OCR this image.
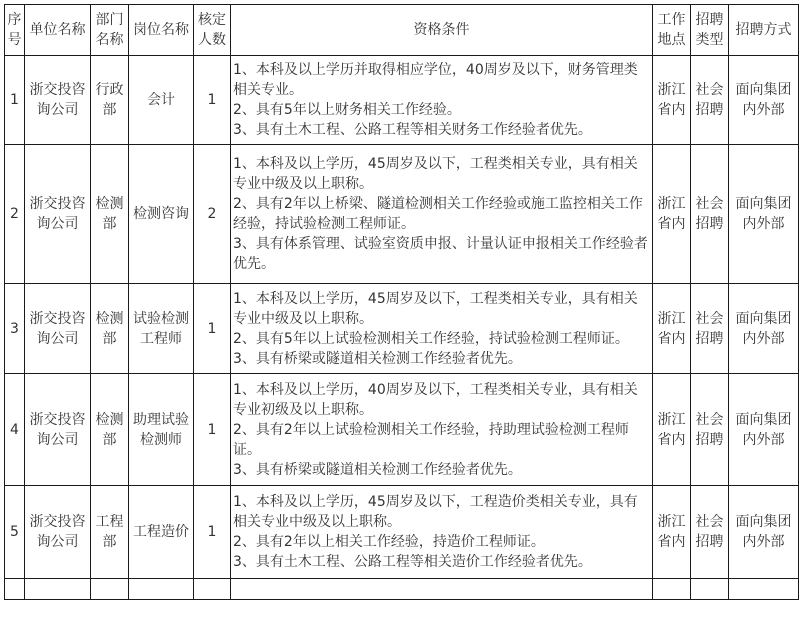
序号	单位名称	部门名称	岗位名称	核定人数	资格条件	工作地点	招聘类型	招聘方式
1	浙交投咨询公司	行政部	会计	1	1、本科及以上学历并取得相应学位，40周岁及以下，财务管理类相关专业。
2、具有5年以上财务相关工作经验。
3、具有土木工程、公路工程等相关财务工作经验者优先。	浙江省内	社会招聘	面向集团内外部
2	浙交投咨询公司	检测部	检测咨询	2	1、本科及以上学历，45周岁及以下，工程类相关专业，具有相关专业中级及以上职称。
2、具有2年以上桥梁、隧道检测相关工作经验或施工监控相关工作经验，持试验检测工程师证。
3、具有体系管理、试验室资质申报、计量认证申报相关工作经验者优先。	浙江省内	社会招聘	面向集团内外部
3	浙交投咨询公司	检测部	试验检测工程师	1	1、本科及以上学历，45周岁及以下，工程类相关专业，具有相关专业中级及以上职称。
2、具有5年以上试验检测相关工作经验，持试验检测工程师证。
3、具有桥梁或隧道相关检测工作经验者优先。	浙江省内	社会招聘	面向集团内外部
4	浙交投咨询公司	检测部	助理试验检测师	1	1、本科及以上学历，40周岁及以下，工程类相关专业，具有相关专业初级及以上职称。
2、具有2年以上试验检测相关工作经验，持助理试验检测工程师证。
3、具有桥梁或隧道相关检测工作经验者优先。	浙江省内	社会招聘	面向集团内外部
5	浙交投咨询公司	工程部	工程造价	1	1、本科及以上学历，45周岁及以下，工程造价类相关专业，具有相关专业中级及以上职称。
2、具有2年以上相关工作经验，持造价工程师证。
3、具有土木工程、公路工程等相关造价工作经验者优先。	浙江省内	社会招聘	面向集团内外部
